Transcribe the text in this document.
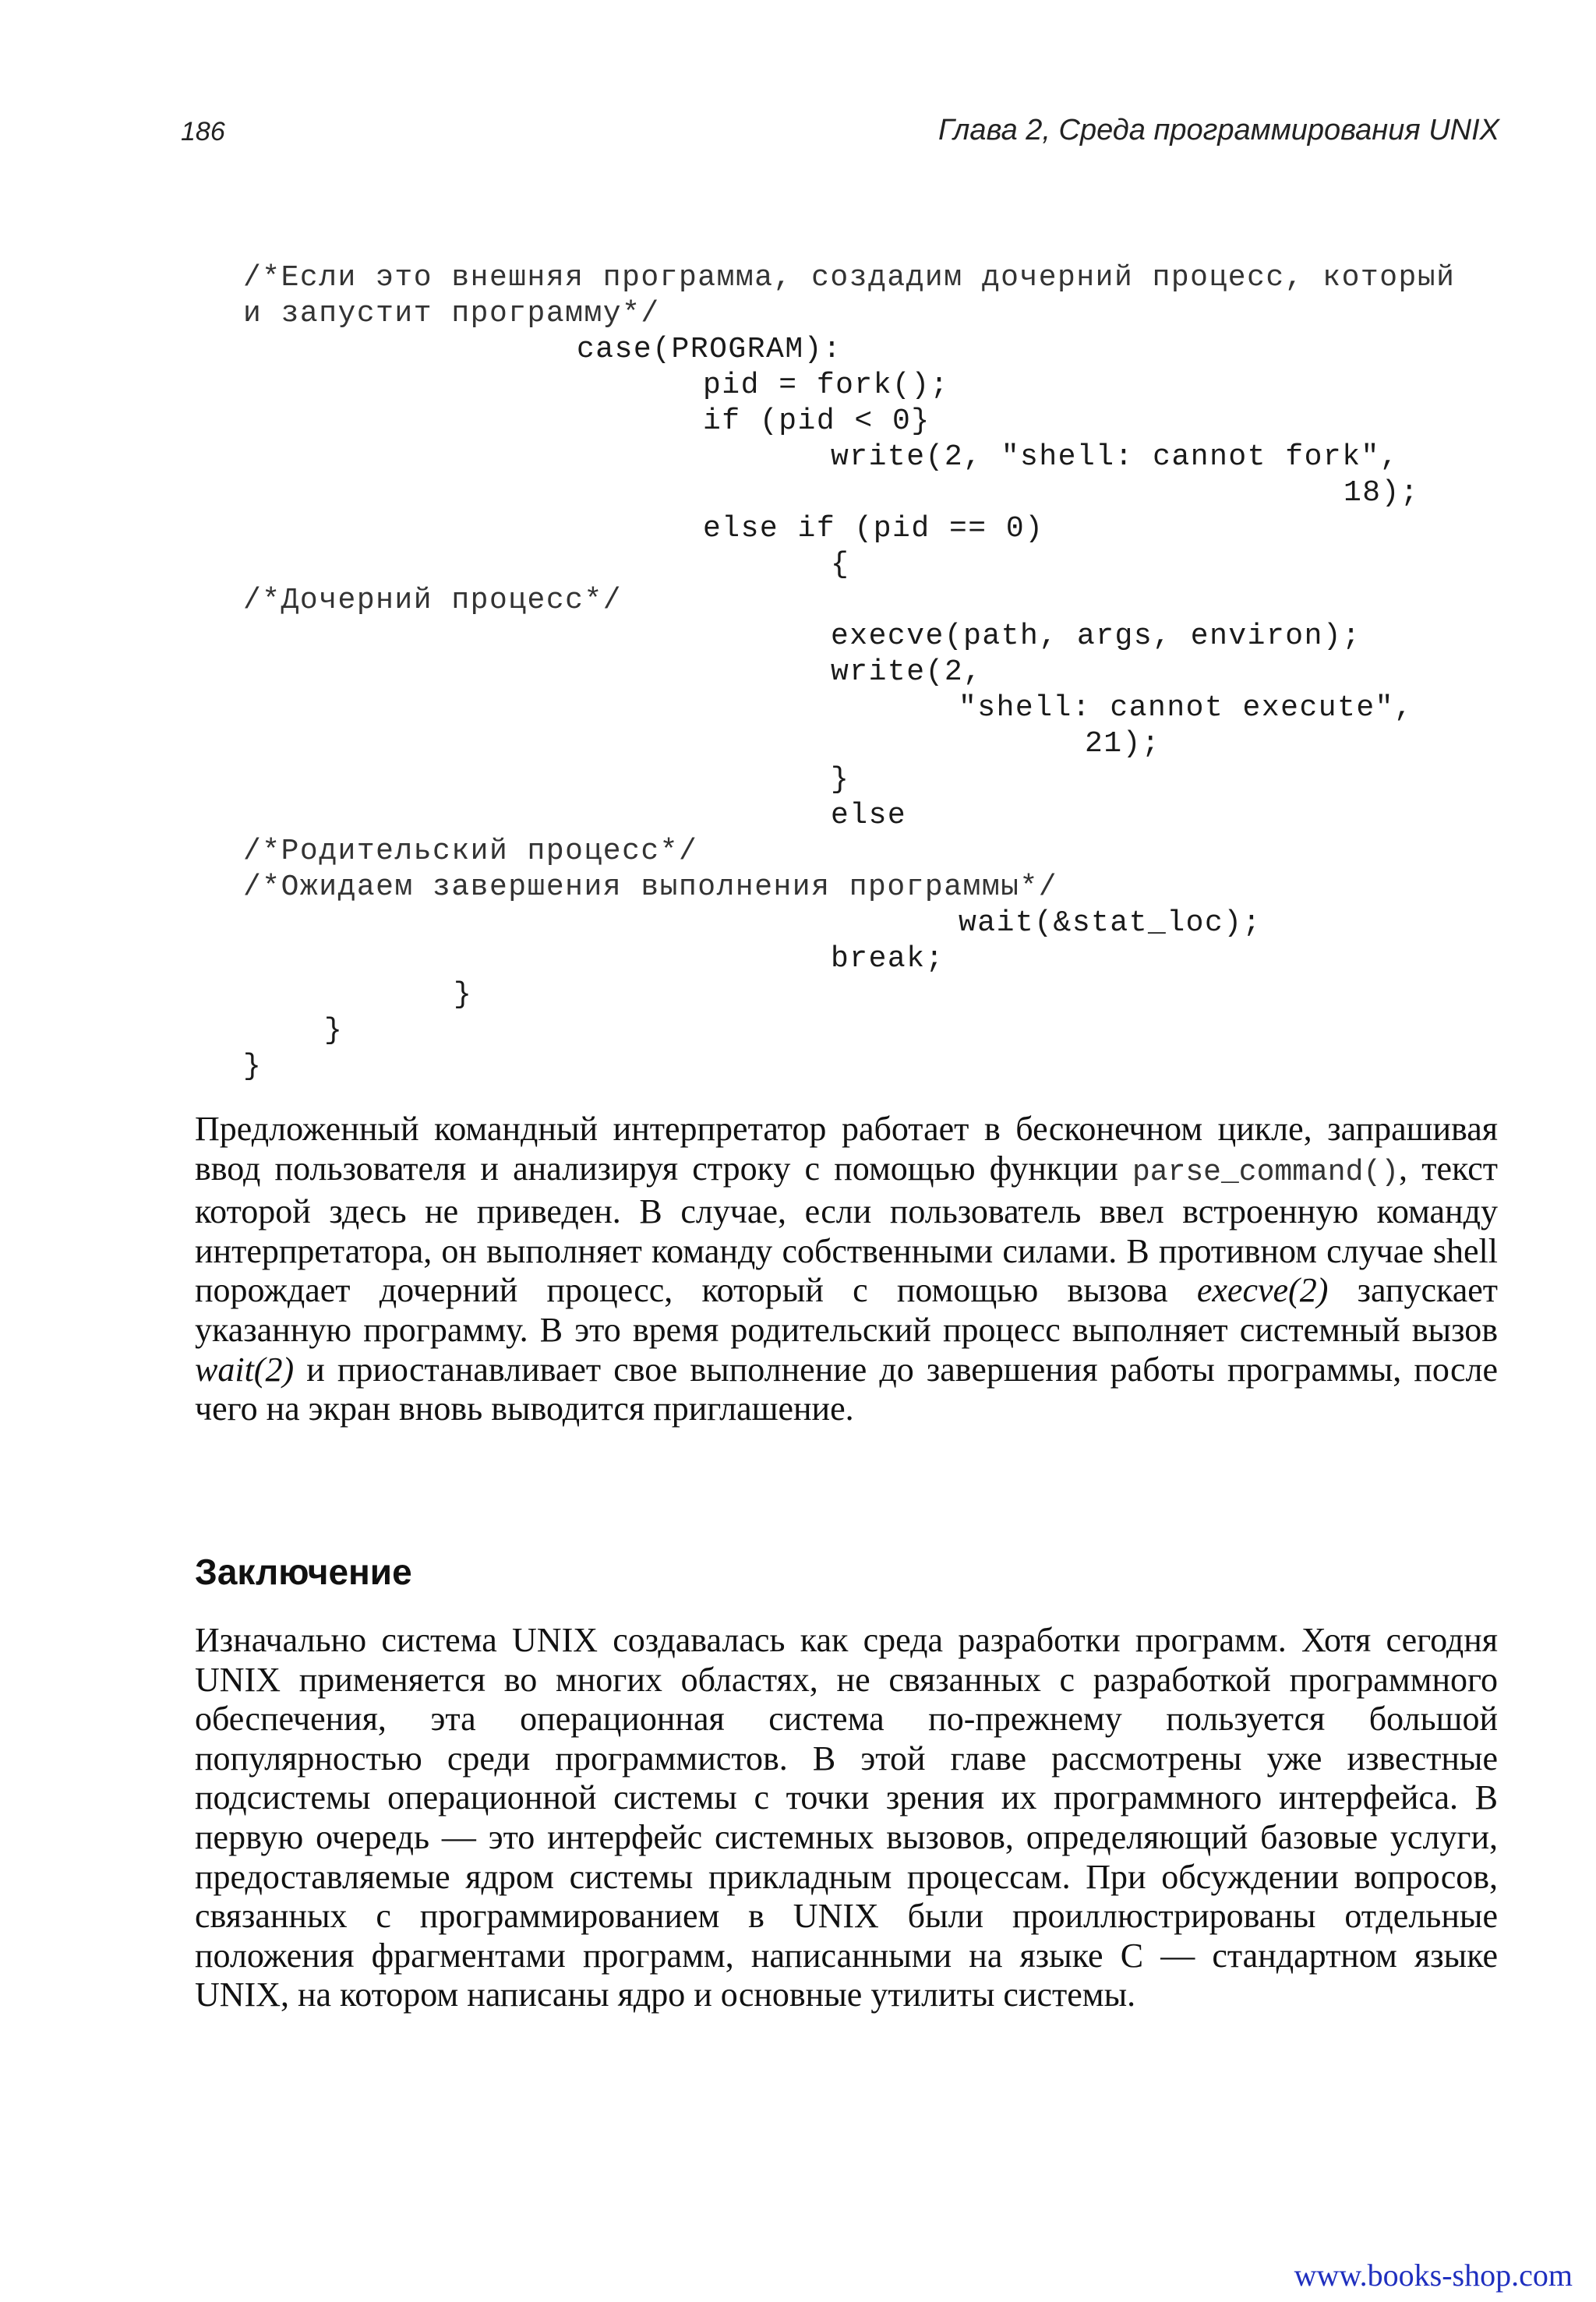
186	Глава 2, Среда программирования UNIX
/*Если это внешняя программа, создадим дочерний процесс, который
и запустит программу*/
case(PROGRAM):
pid = fork();
if (pid < 0}
write(2, "shell: cannot fork",
18);
else if (pid == 0)
{
/*Дочерний процесс*/
execve(path, args, environ);
write(2,
"shell: cannot execute",
21);
}
else
/*Родительский процесс*/
/*Ожидаем завершения выполнения программы*/
wait(&stat_loc);
break;
}
}
}

Предложенный командный интерпретатор работает в бесконечном цикле, запрашивая ввод пользователя и анализируя строку с помощью функции parse_command(), текст которой здесь не приведен. В случае, если пользователь ввел встроенную команду интерпретатора, он выполняет команду собственными силами. В противном случае shell порождает дочерний процесс, который с помощью вызова execve(2) запускает указанную программу. В это время родительский процесс выполняет системный вызов wait(2) и приостанавливает свое выполнение до завершения работы программы, после чего на экран вновь выводится приглашение.

Заключение

Изначально система UNIX создавалась как среда разработки программ. Хотя сегодня UNIX применяется во многих областях, не связанных с разработкой программного обеспечения, эта операционная система по-прежнему пользуется большой популярностью среди программистов. В этой главе рассмотрены уже известные подсистемы операционной системы с точки зрения их программного интерфейса. В первую очередь — это интерфейс системных вызовов, определяющий базовые услуги, предоставляемые ядром системы прикладным процессам. При обсуждении вопросов, связанных с программированием в UNIX были проиллюстрированы отдельные положения фрагментами программ, написанными на языке С — стандартном языке UNIX, на котором написаны ядро и основные утилиты системы.

www.books-shop.com
